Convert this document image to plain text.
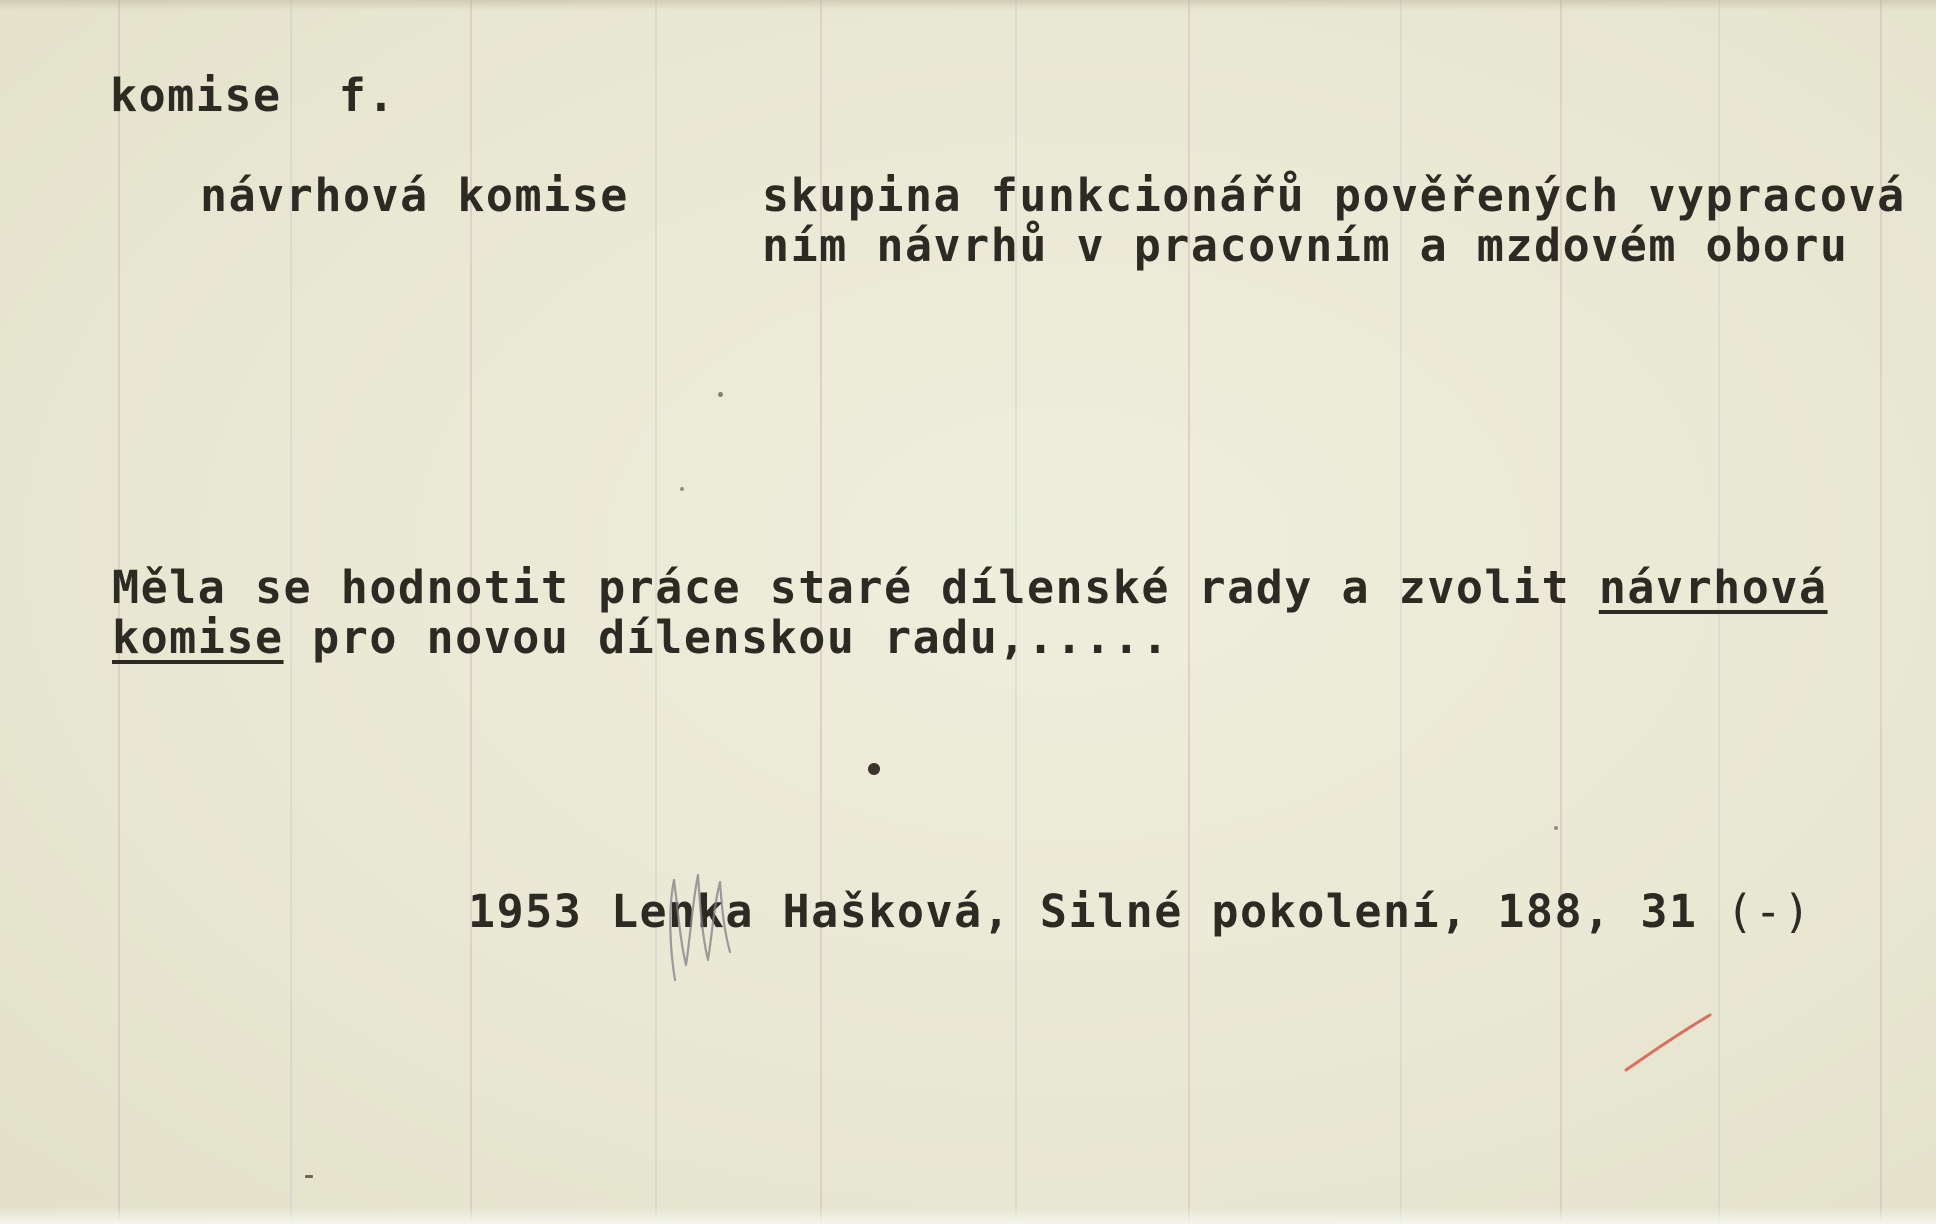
komise f.
návrhová komise	skupina funkcionářů pověřených vypracová
ním návrhů v pracovním a mzdovém oboru
Měla se hodnotit práce staré dílenské rady a zvolit návrhová
komise pro novou dílenskou radu,.....
1953 Lenka Hašková, Silné pokolení, 188, 31 (-)
